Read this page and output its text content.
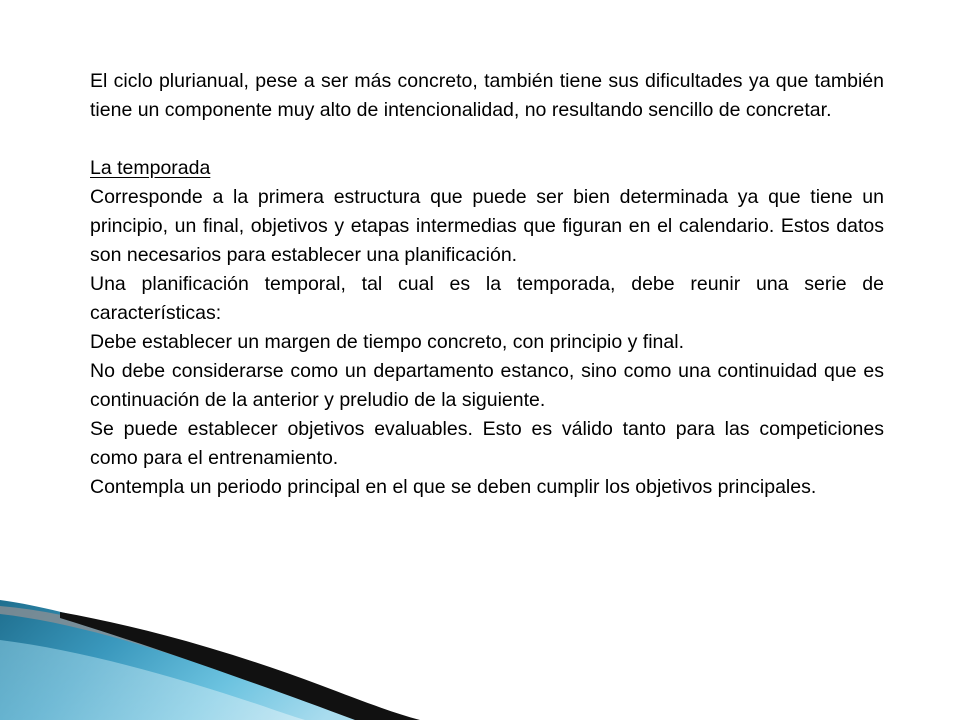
El ciclo plurianual, pese a ser más concreto, también tiene sus dificultades ya que también tiene un componente muy alto de intencionalidad, no resultando sencillo de concretar.

La temporada

Corresponde a la primera estructura que puede ser bien determinada ya que tiene un principio, un final, objetivos y etapas intermedias que figuran en el calendario. Estos datos son necesarios para establecer una planificación.

Una planificación temporal, tal cual es la temporada, debe reunir una serie de características:

Debe establecer un margen de tiempo concreto, con principio y final.

No debe considerarse como un departamento estanco, sino como una continuidad que es continuación de la anterior y preludio de la siguiente.

Se puede establecer objetivos evaluables. Esto es válido tanto para las competiciones como para el entrenamiento.

Contempla un periodo principal en el que se deben cumplir los objetivos principales.
